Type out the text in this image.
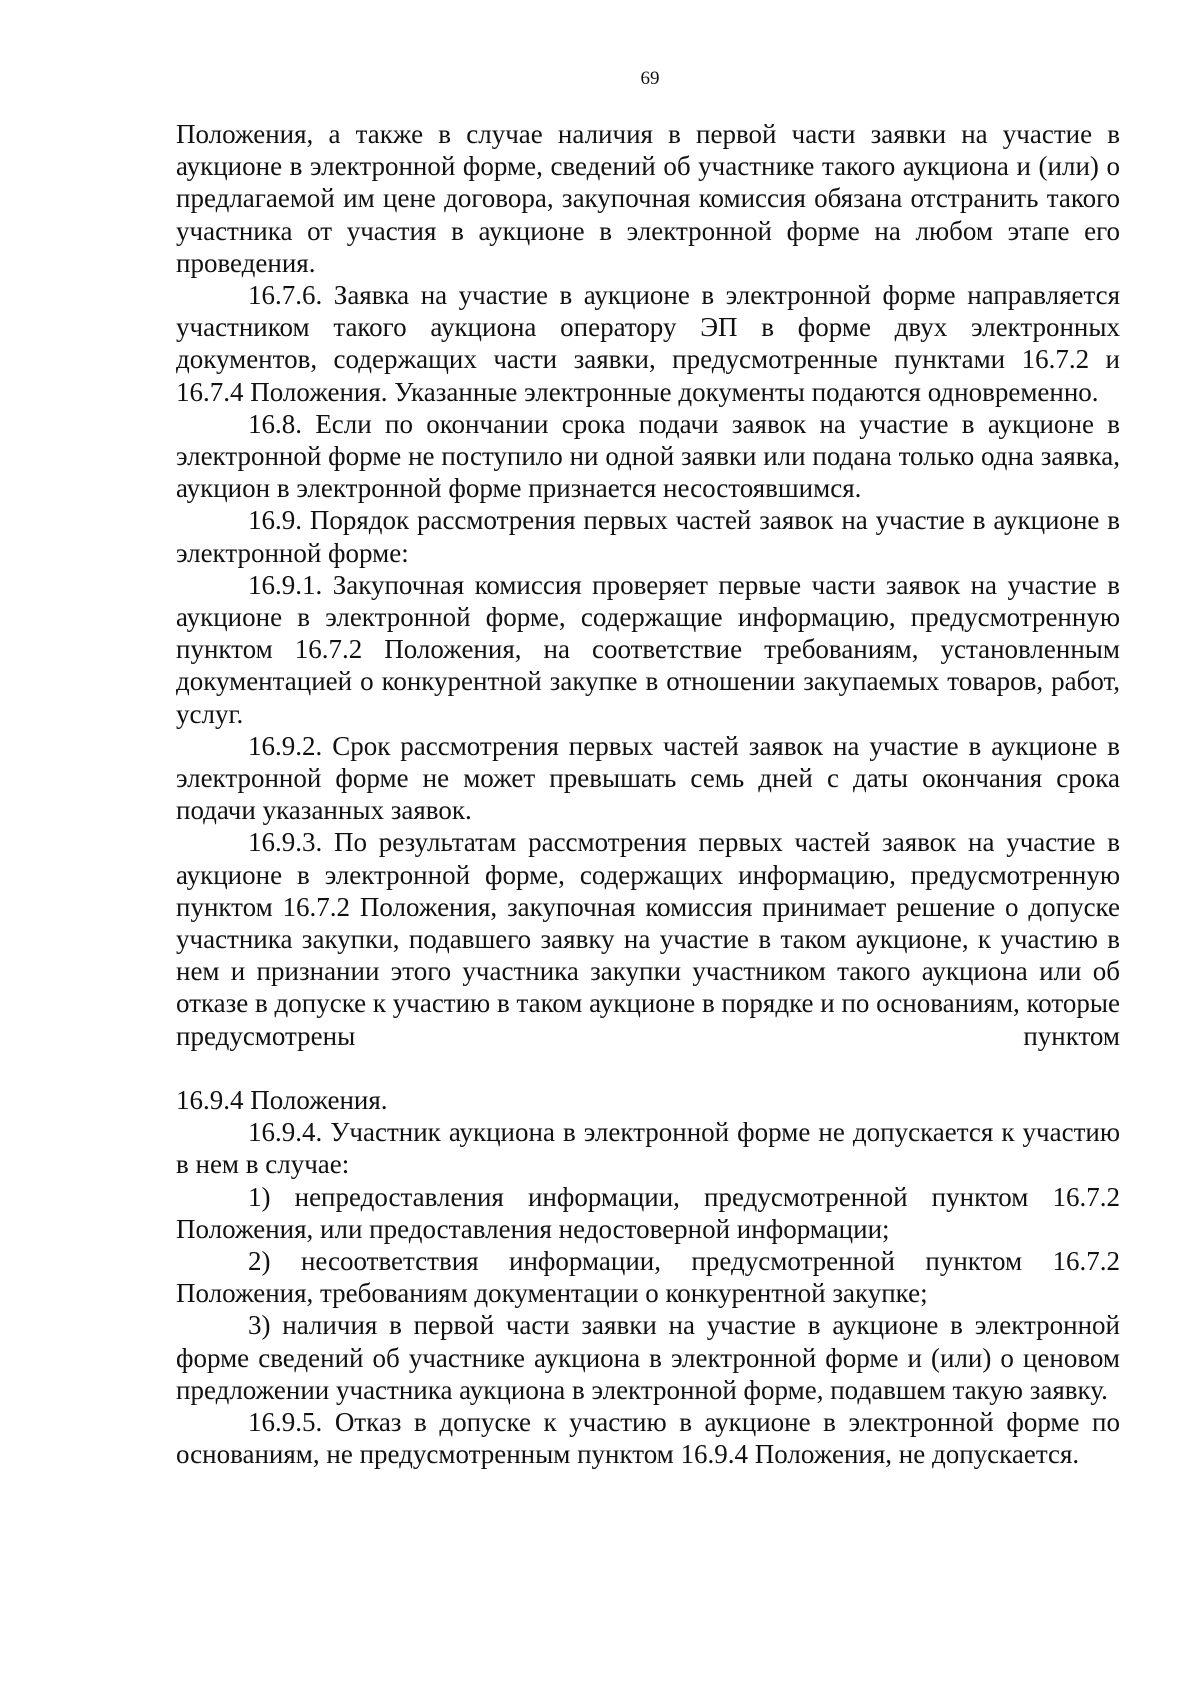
69

Положения, а также в случае наличия в первой части заявки на участие в аукционе в электронной форме, сведений об участнике такого аукциона и (или) о предлагаемой им цене договора, закупочная комиссия обязана отстранить такого участника от участия в аукционе в электронной форме на любом этапе его проведения.

16.7.6. Заявка на участие в аукционе в электронной форме направляется участником такого аукциона оператору ЭП в форме двух электронных документов, содержащих части заявки, предусмотренные пунктами 16.7.2 и 16.7.4 Положения. Указанные электронные документы подаются одновременно.

16.8. Если по окончании срока подачи заявок на участие в аукционе в электронной форме не поступило ни одной заявки или подана только одна заявка, аукцион в электронной форме признается несостоявшимся.

16.9. Порядок рассмотрения первых частей заявок на участие в аукционе в электронной форме:

16.9.1. Закупочная комиссия проверяет первые части заявок на участие в аукционе в электронной форме, содержащие информацию, предусмотренную пунктом 16.7.2 Положения, на соответствие требованиям, установленным документацией о конкурентной закупке в отношении закупаемых товаров, работ, услуг.

16.9.2. Срок рассмотрения первых частей заявок на участие в аукционе в электронной форме не может превышать семь дней с даты окончания срока подачи указанных заявок.

16.9.3. По результатам рассмотрения первых частей заявок на участие в аукционе в электронной форме, содержащих информацию, предусмотренную пунктом 16.7.2 Положения, закупочная комиссия принимает решение о допуске участника закупки, подавшего заявку на участие в таком аукционе, к участию в нем и признании этого участника закупки участником такого аукциона или об отказе в допуске к участию в таком аукционе в порядке и по основаниям, которые предусмотрены пунктом

16.9.4 Положения.

16.9.4. Участник аукциона в электронной форме не допускается к участию в нем в случае:

1) непредоставления информации, предусмотренной пунктом 16.7.2 Положения, или предоставления недостоверной информации;

2) несоответствия информации, предусмотренной пунктом 16.7.2 Положения, требованиям документации о конкурентной закупке;

3) наличия в первой части заявки на участие в аукционе в электронной форме сведений об участнике аукциона в электронной форме и (или) о ценовом предложении участника аукциона в электронной форме, подавшем такую заявку.

16.9.5. Отказ в допуске к участию в аукционе в электронной форме по основаниям, не предусмотренным пунктом 16.9.4 Положения, не допускается.
